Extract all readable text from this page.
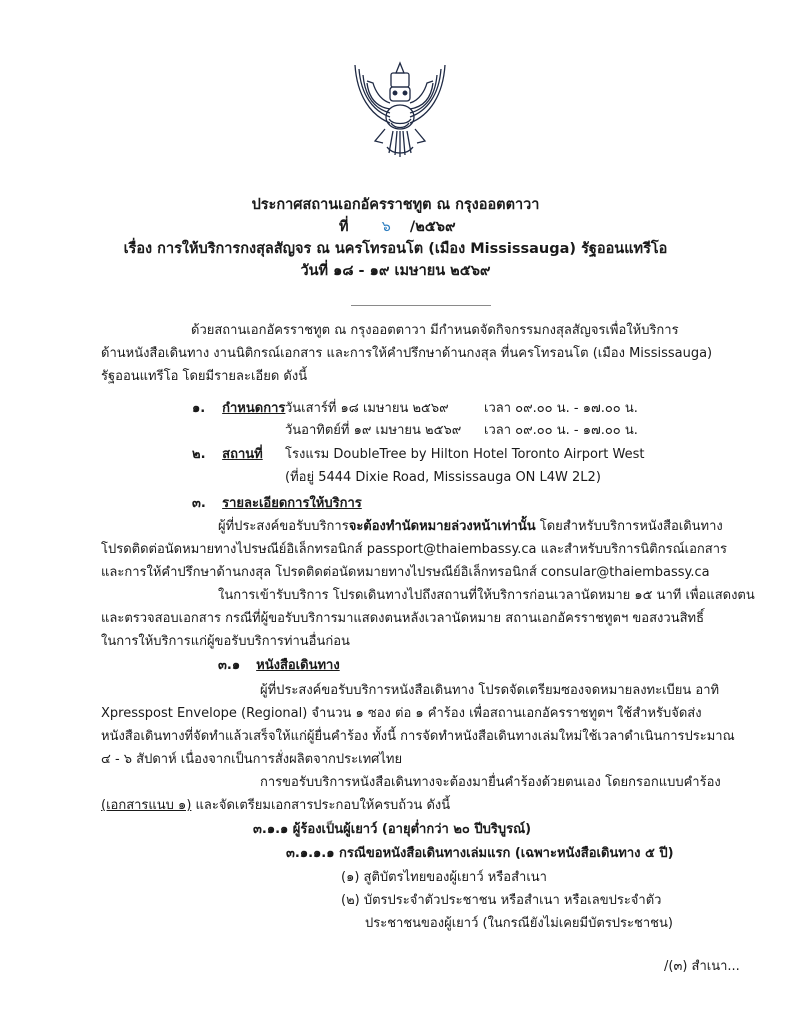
ประกาศสถานเอกอัครราชทูต ณ กรุงออตตาวา
ที่ ๖ /๒๕๖๙
เรื่อง การให้บริการกงสุลสัญจร ณ นครโทรอนโต (เมือง Mississauga) รัฐออนแทรีโอ
วันที่ ๑๘ - ๑๙ เมษายน ๒๕๖๙
ด้วยสถานเอกอัครราชทูต ณ กรุงออตตาวา มีกำหนดจัดกิจกรรมกงสุลสัญจรเพื่อให้บริการ
ด้านหนังสือเดินทาง งานนิติกรณ์เอกสาร และการให้คำปรึกษาด้านกงสุล ที่นครโทรอนโต (เมือง Mississauga)
รัฐออนแทรีโอ โดยมีรายละเอียด ดังนี้
๑. กำหนดการ วันเสาร์ที่ ๑๘ เมษายน ๒๕๖๙	เวลา ๐๙.๐๐ น. - ๑๗.๐๐ น.
วันอาทิตย์ที่ ๑๙ เมษายน ๒๕๖๙ เวลา ๐๙.๐๐ น. - ๑๗.๐๐ น.
๒. สถานที่ โรงแรม DoubleTree by Hilton Hotel Toronto Airport West
(ที่อยู่ 5444 Dixie Road, Mississauga ON L4W 2L2)
๓. รายละเอียดการให้บริการ
ผู้ที่ประสงค์ขอรับบริการจะต้องทำนัดหมายล่วงหน้าเท่านั้น โดยสำหรับบริการหนังสือเดินทาง
โปรดติดต่อนัดหมายทางไปรษณีย์อิเล็กทรอนิกส์ passport@thaiembassy.ca และสำหรับบริการนิติกรณ์เอกสาร
และการให้คำปรึกษาด้านกงสุล โปรดติดต่อนัดหมายทางไปรษณีย์อิเล็กทรอนิกส์ consular@thaiembassy.ca
ในการเข้ารับบริการ โปรดเดินทางไปถึงสถานที่ให้บริการก่อนเวลานัดหมาย ๑๕ นาที เพื่อแสดงตน
และตรวจสอบเอกสาร กรณีที่ผู้ขอรับบริการมาแสดงตนหลังเวลานัดหมาย สถานเอกอัครราชทูตฯ ขอสงวนสิทธิ์
ในการให้บริการแก่ผู้ขอรับบริการท่านอื่นก่อน
๓.๑ หนังสือเดินทาง
ผู้ที่ประสงค์ขอรับบริการหนังสือเดินทาง โปรดจัดเตรียมซองจดหมายลงทะเบียน อาทิ
Xpresspost Envelope (Regional) จำนวน ๑ ซอง ต่อ ๑ คำร้อง เพื่อสถานเอกอัครราชทูตฯ ใช้สำหรับจัดส่ง
หนังสือเดินทางที่จัดทำแล้วเสร็จให้แก่ผู้ยื่นคำร้อง ทั้งนี้ การจัดทำหนังสือเดินทางเล่มใหม่ใช้เวลาดำเนินการประมาณ
๔ - ๖ สัปดาห์ เนื่องจากเป็นการสั่งผลิตจากประเทศไทย
การขอรับบริการหนังสือเดินทางจะต้องมายื่นคำร้องด้วยตนเอง โดยกรอกแบบคำร้อง
(เอกสารแนบ ๑) และจัดเตรียมเอกสารประกอบให้ครบถ้วน ดังนี้
๓.๑.๑ ผู้ร้องเป็นผู้เยาว์ (อายุต่ำกว่า ๒๐ ปีบริบูรณ์)
๓.๑.๑.๑ กรณีขอหนังสือเดินทางเล่มแรก (เฉพาะหนังสือเดินทาง ๕ ปี)
(๑) สูติบัตรไทยของผู้เยาว์ หรือสำเนา
(๒) บัตรประจำตัวประชาชน หรือสำเนา หรือเลขประจำตัว
ประชาชนของผู้เยาว์ (ในกรณียังไม่เคยมีบัตรประชาชน)
/(๓) สำเนา...
